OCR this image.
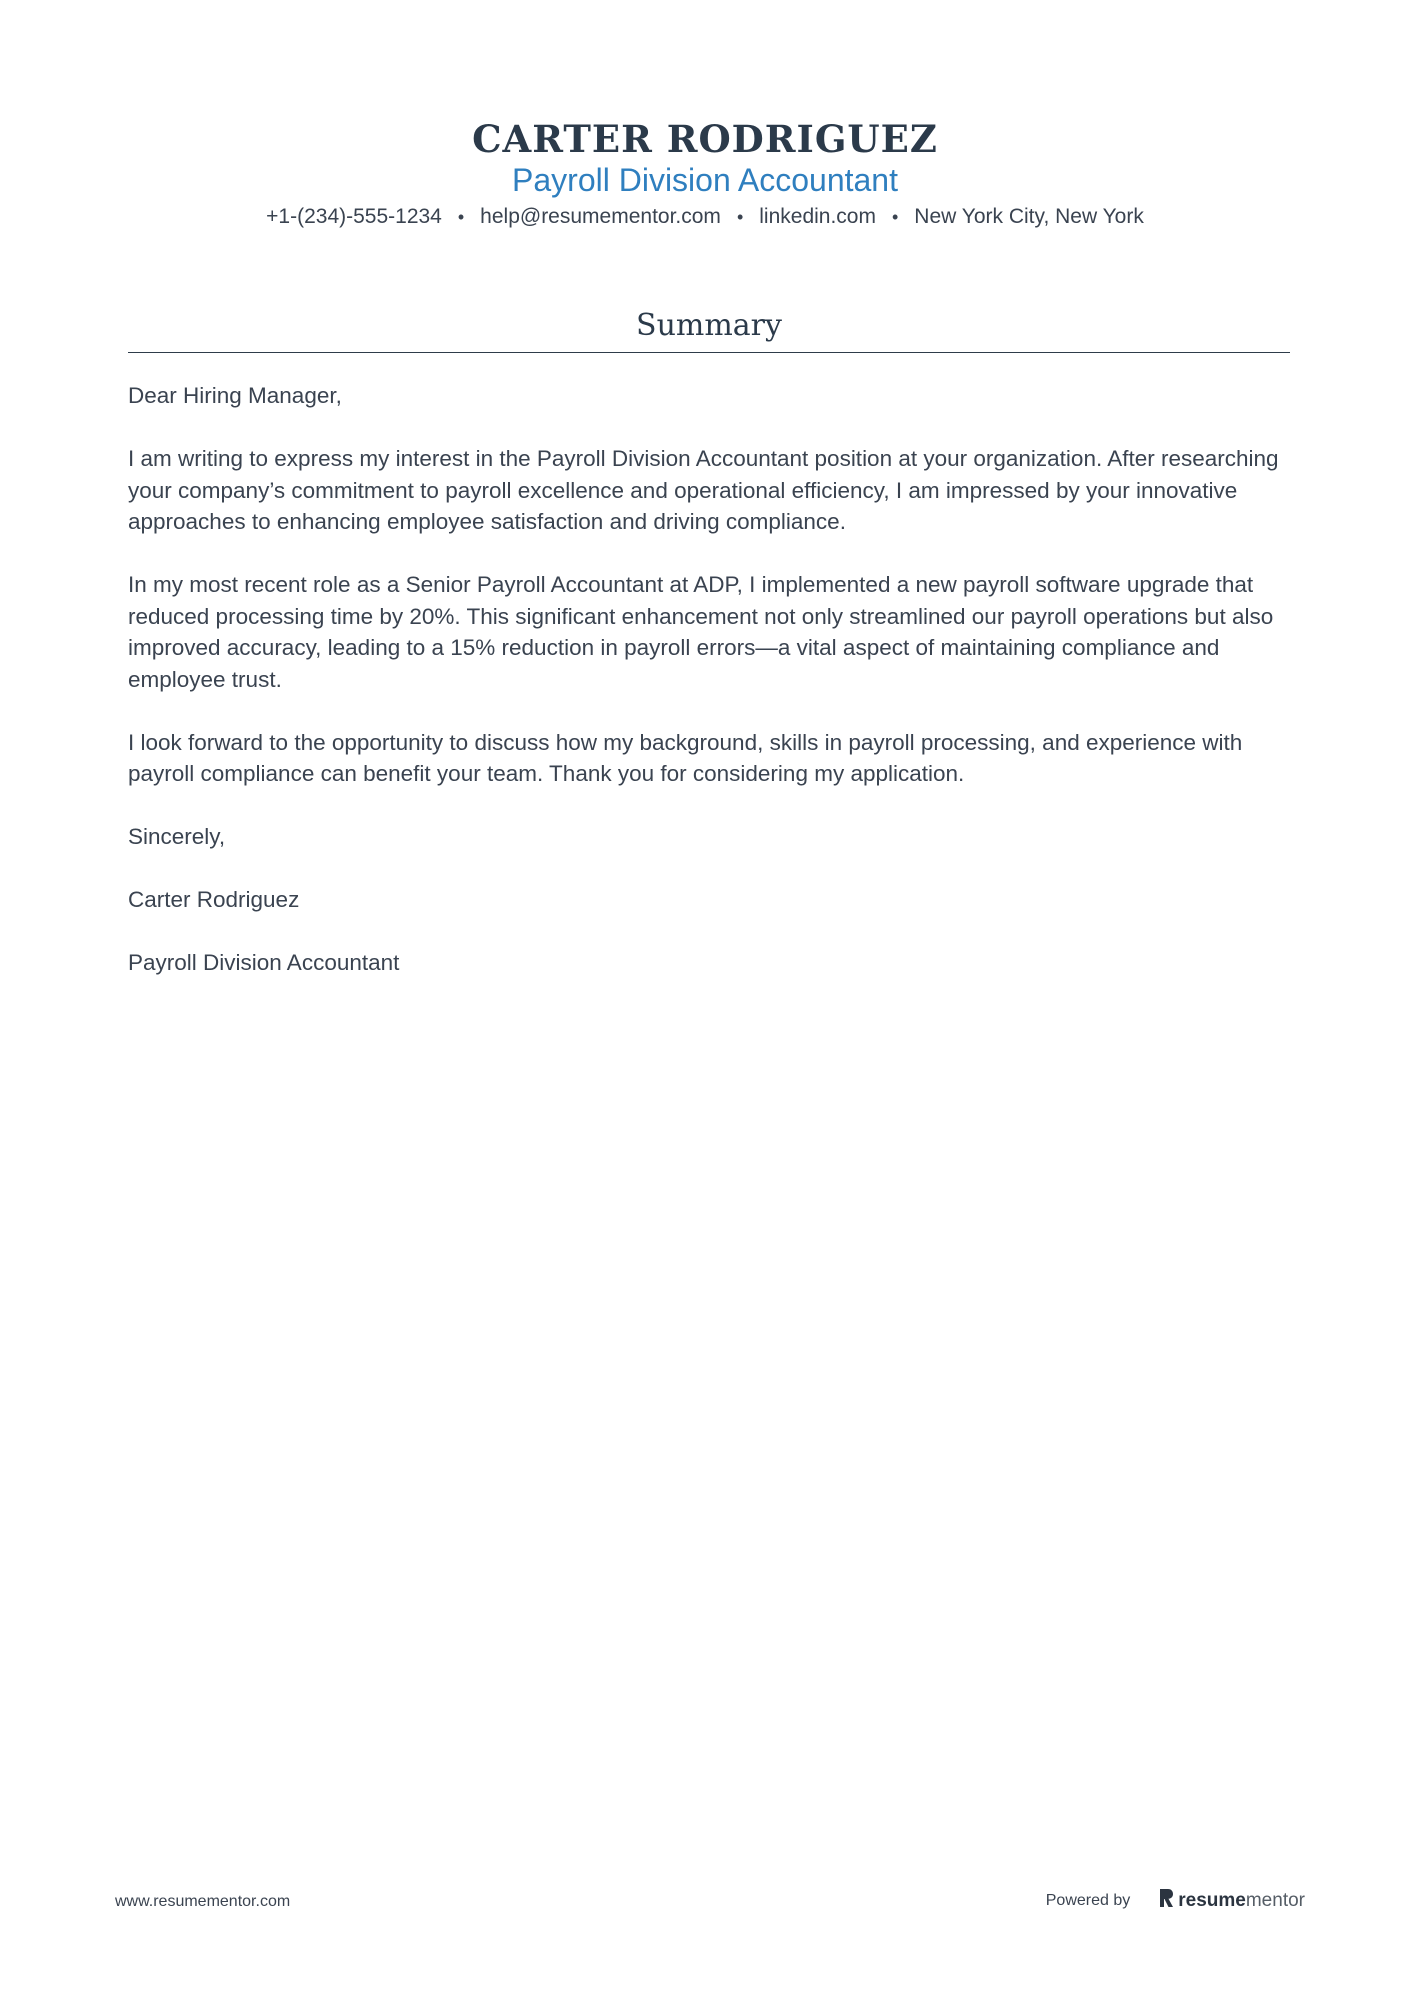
CARTER RODRIGUEZ
Payroll Division Accountant
+1-(234)-555-1234 • help@resumementor.com • linkedin.com • New York City, New York
Summary

Dear Hiring Manager,

I am writing to express my interest in the Payroll Division Accountant position at your organization. After researching your company’s commitment to payroll excellence and operational efficiency, I am impressed by your innovative approaches to enhancing employee satisfaction and driving compliance.

In my most recent role as a Senior Payroll Accountant at ADP, I implemented a new payroll software upgrade that reduced processing time by 20%. This significant enhancement not only streamlined our payroll operations but also improved accuracy, leading to a 15% reduction in payroll errors—a vital aspect of maintaining compliance and employee trust.

I look forward to the opportunity to discuss how my background, skills in payroll processing, and experience with payroll compliance can benefit your team. Thank you for considering my application.

Sincerely,

Carter Rodriguez

Payroll Division Accountant

www.resumementor.com	Powered by	resume mentor
